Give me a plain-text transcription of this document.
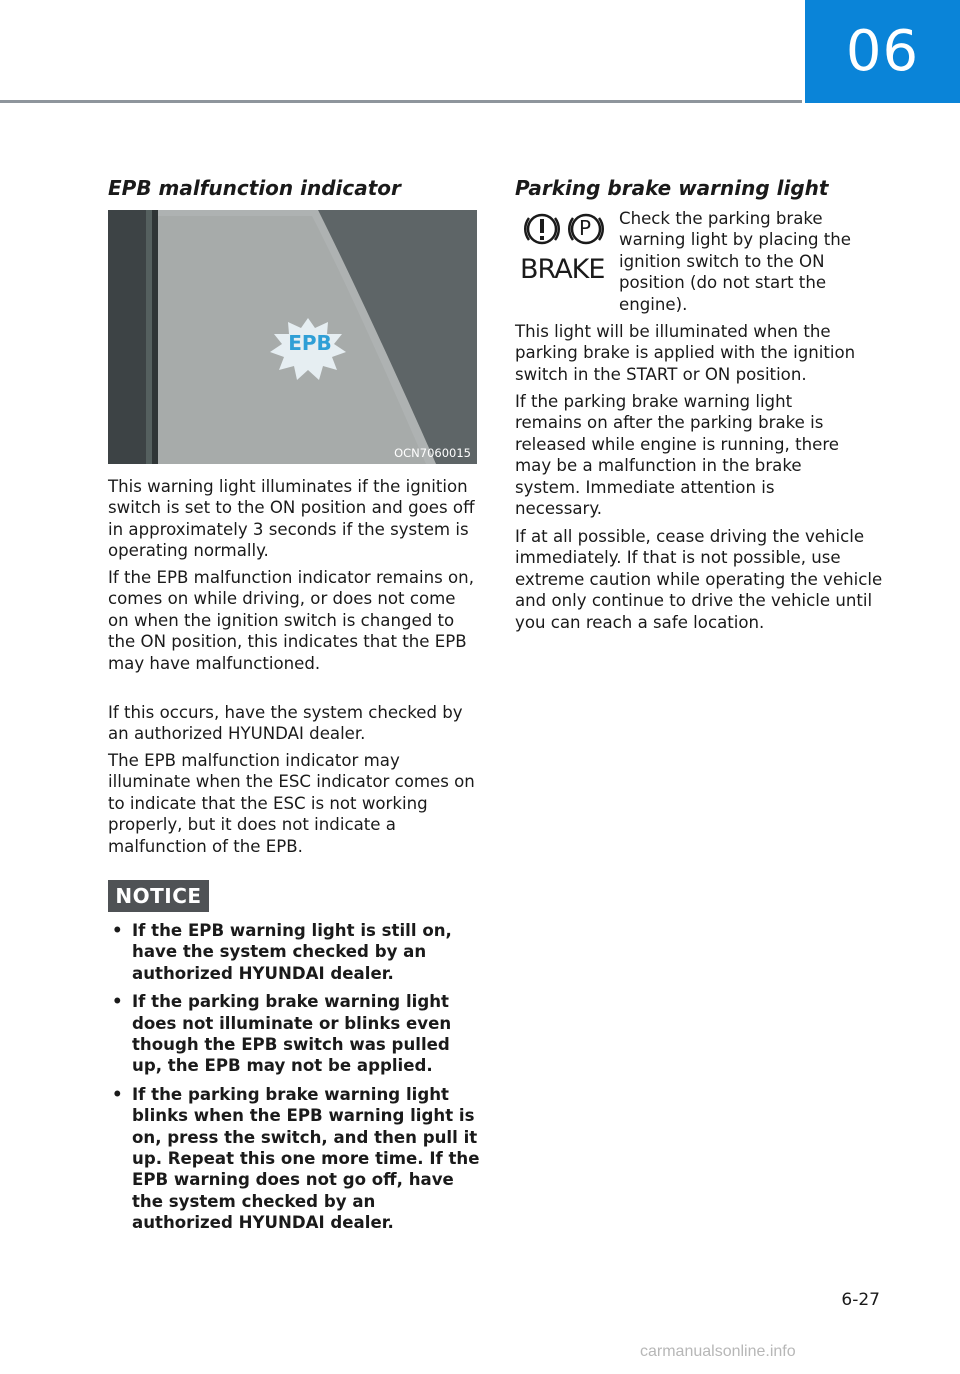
06
EPB malfunction indicator
EPB
OCN7060015

This warning light illuminates if the ignition switch is set to the ON position and goes off in approximately 3 seconds if the system is operating normally.

If the EPB malfunction indicator remains on, comes on while driving, or does not come on when the ignition switch is changed to the ON position, this indicates that the EPB may have malfunctioned.

If this occurs, have the system checked by an authorized HYUNDAI dealer.

The EPB malfunction indicator may illuminate when the ESC indicator comes on to indicate that the ESC is not working properly, but it does not indicate a malfunction of the EPB.

NOTICE
• If the EPB warning light is still on, have the system checked by an authorized HYUNDAI dealer.
• If the parking brake warning light does not illuminate or blinks even though the EPB switch was pulled up, the EPB may not be applied.
• If the parking brake warning light blinks when the EPB warning light is on, press the switch, and then pull it up. Repeat this one more time. If the EPB warning does not go off, have the system checked by an authorized HYUNDAI dealer.
Parking brake warning light
P
BRAKE

Check the parking brake warning light by placing the ignition switch to the ON position (do not start the engine).

This light will be illuminated when the parking brake is applied with the ignition switch in the START or ON position.

If the parking brake warning light remains on after the parking brake is released while engine is running, there may be a malfunction in the brake system. Immediate attention is necessary.

If at all possible, cease driving the vehicle immediately. If that is not possible, use extreme caution while operating the vehicle and only continue to drive the vehicle until you can reach a safe location.

6-27
carmanualsonline.info
